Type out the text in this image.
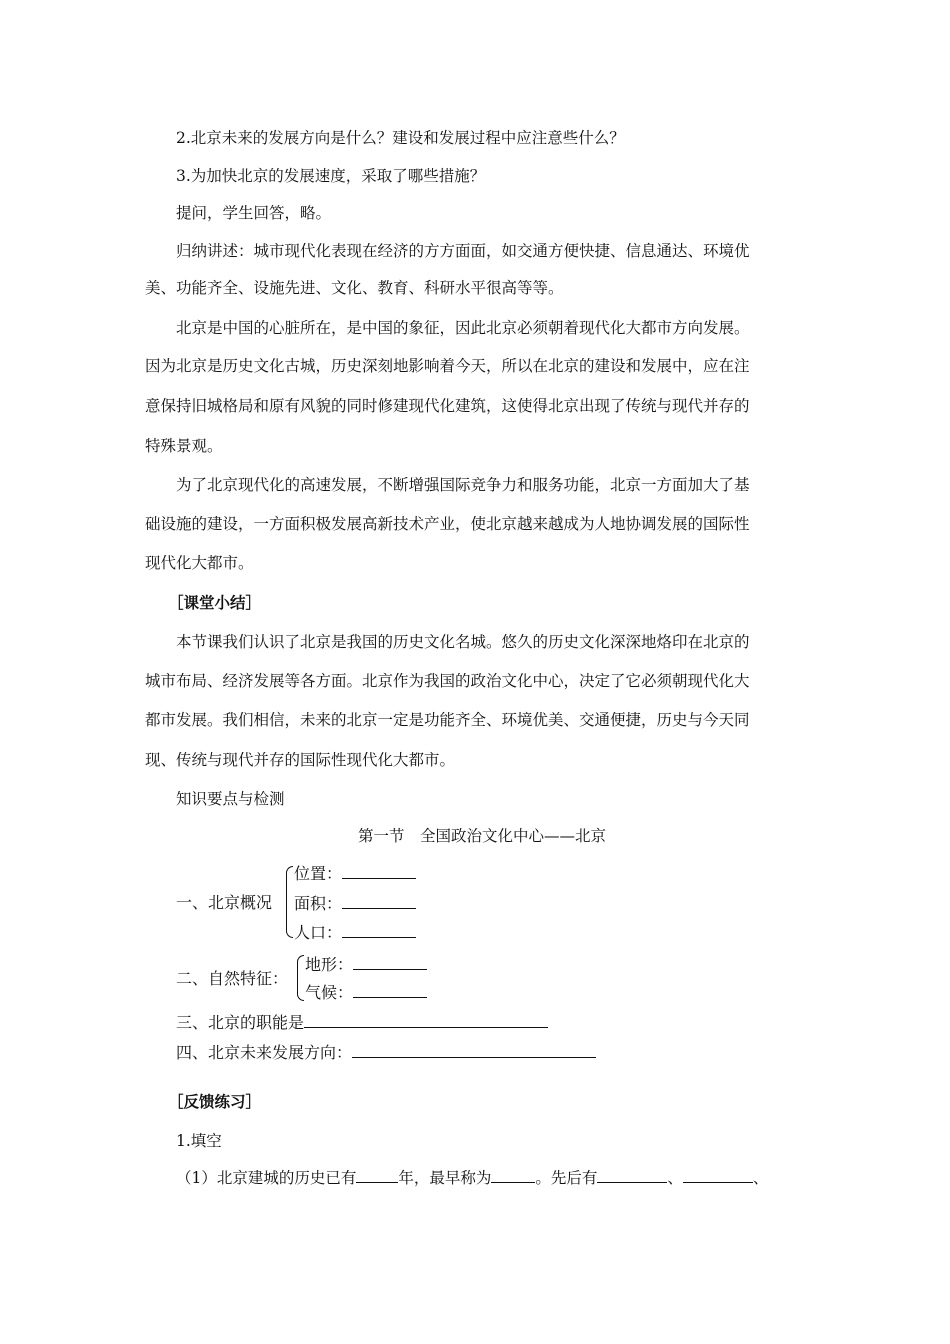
2.北京未来的发展方向是什么？建设和发展过程中应注意些什么？
3.为加快北京的发展速度，采取了哪些措施？
提问，学生回答，略。
归纳讲述：城市现代化表现在经济的方方面面，如交通方便快捷、信息通达、环境优
美、功能齐全、设施先进、文化、教育、科研水平很高等等。
北京是中国的心脏所在，是中国的象征，因此北京必须朝着现代化大都市方向发展。
因为北京是历史文化古城，历史深刻地影响着今天，所以在北京的建设和发展中，应在注
意保持旧城格局和原有风貌的同时修建现代化建筑，这使得北京出现了传统与现代并存的
特殊景观。
为了北京现代化的高速发展，不断增强国际竞争力和服务功能，北京一方面加大了基
础设施的建设，一方面积极发展高新技术产业，使北京越来越成为人地协调发展的国际性
现代化大都市。
［课堂小结］
本节课我们认识了北京是我国的历史文化名城。悠久的历史文化深深地烙印在北京的
城市布局、经济发展等各方面。北京作为我国的政治文化中心，决定了它必须朝现代化大
都市发展。我们相信，未来的北京一定是功能齐全、环境优美、交通便捷，历史与今天同
现、传统与现代并存的国际性现代化大都市。
知识要点与检测
第一节　全国政治文化中心——北京
一、北京概况
位置：
面积：
人口：
二、自然特征：
地形：
气候：
三、北京的职能是
四、北京未来发展方向：
［反馈练习］
1.填空
（1）北京建城的历史已有	年，最早称为	。先后有	、	、
